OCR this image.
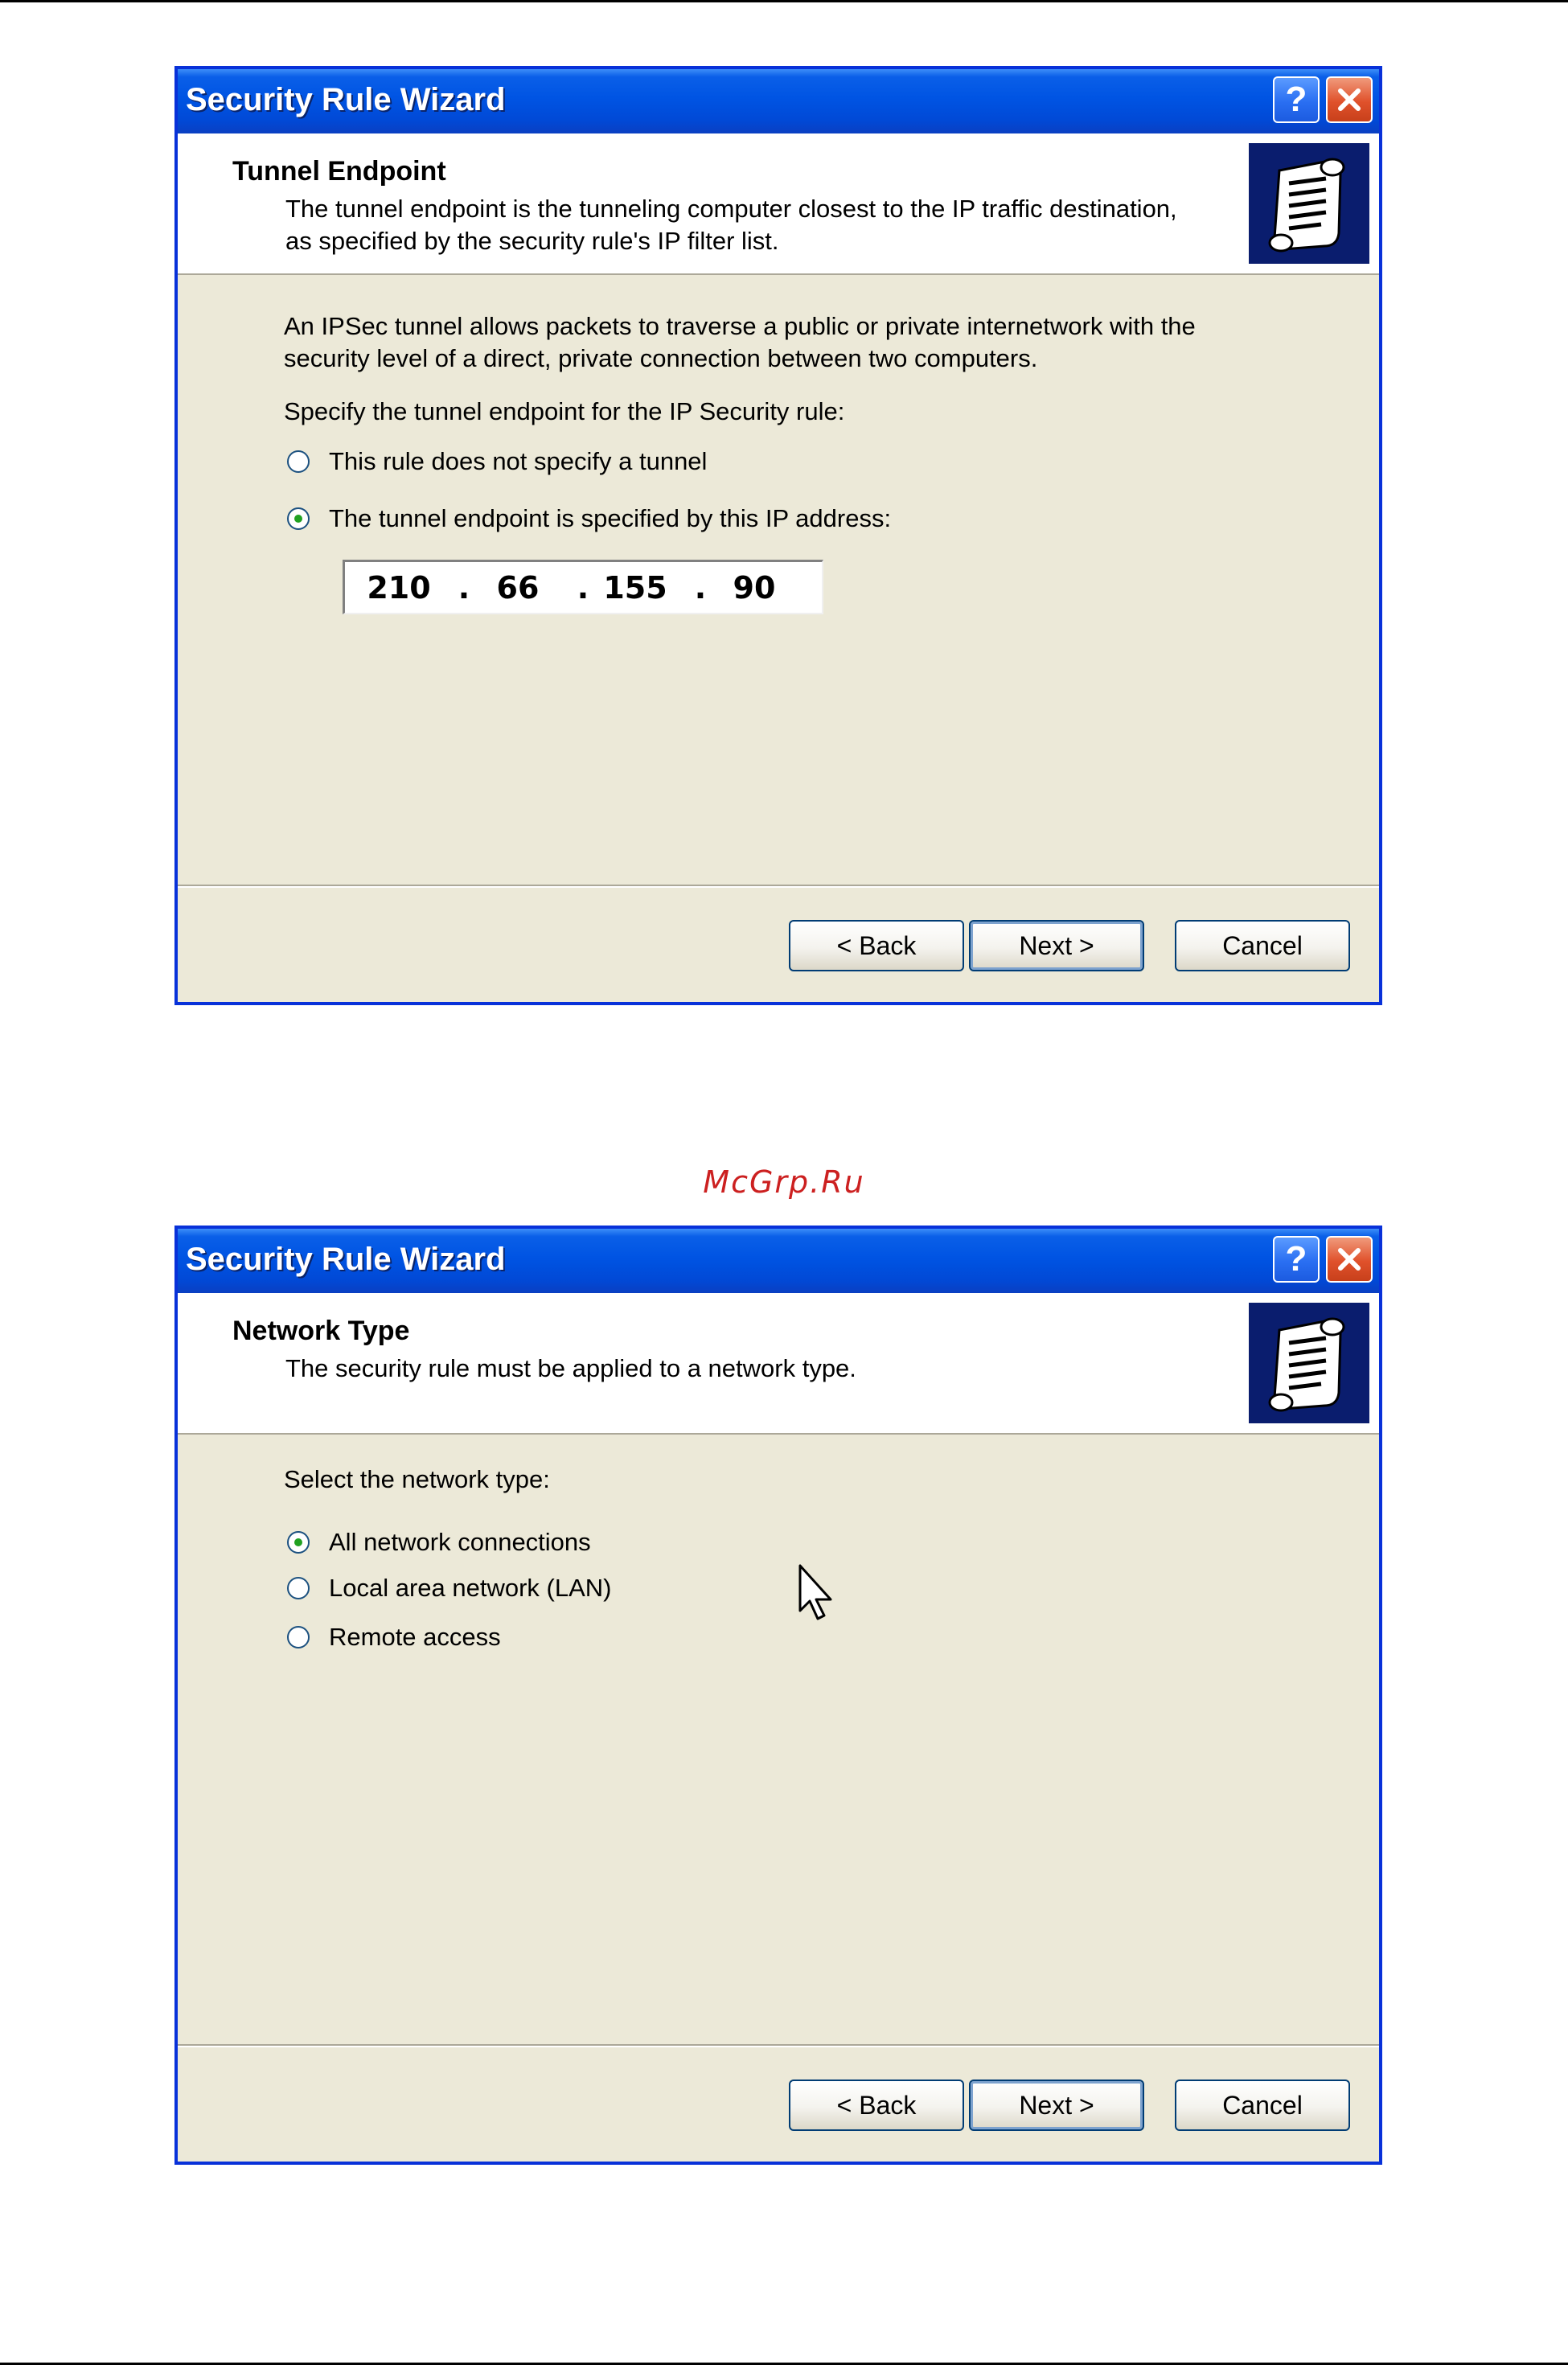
Security Rule Wizard	?
Tunnel Endpoint
The tunnel endpoint is the tunneling computer closest to the IP traffic destination,
as specified by the security rule's IP filter list.
An IPSec tunnel allows packets to traverse a public or private internetwork with the
security level of a direct, private connection between two computers.
Specify the tunnel endpoint for the IP Security rule:
This rule does not specify a tunnel
The tunnel endpoint is specified by this IP address:
210 . 66	. 155 . 90
< Back	Next >	Cancel
McGrp.Ru
Security Rule Wizard	?
Network Type
The security rule must be applied to a network type.
Select the network type:
All network connections
Local area network (LAN)
Remote access
< Back	Next >	Cancel
